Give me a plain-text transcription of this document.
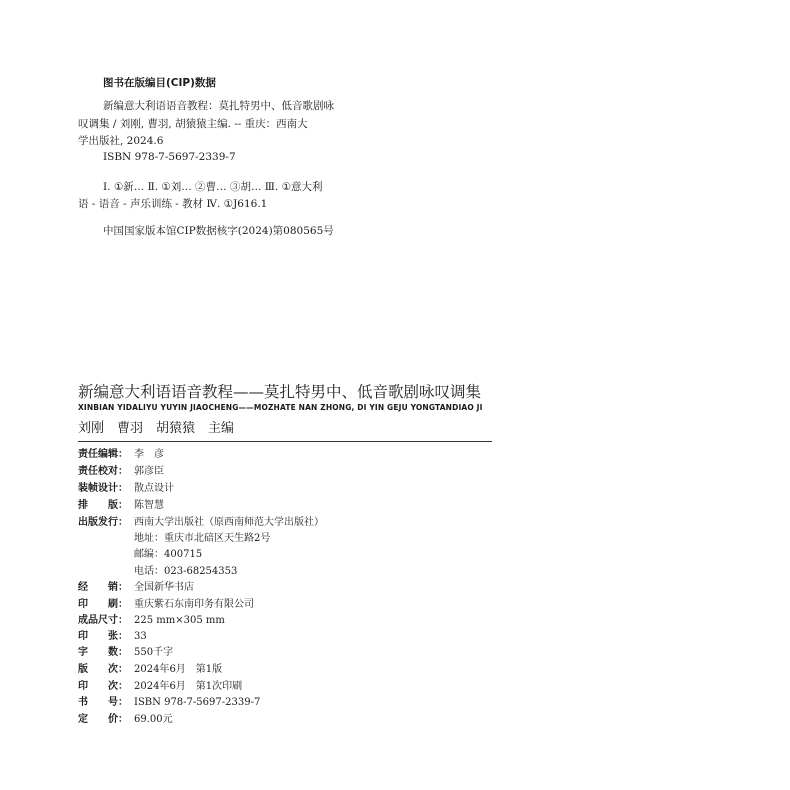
图书在版编目(CIP)数据
新编意大利语语音教程：莫扎特男中、低音歌剧咏
叹调集 / 刘刚, 曹羽, 胡猿猿主编. -- 重庆：西南大
学出版社, 2024.6
ISBN 978-7-5697-2339-7
Ⅰ. ①新… Ⅱ. ①刘… ②曹… ③胡… Ⅲ. ①意大利
语 - 语音 - 声乐训练 - 教材 Ⅳ. ①J616.1
中国国家版本馆CIP数据核字(2024)第080565号
新编意大利语语音教程——莫扎特男中、低音歌剧咏叹调集
XINBIAN YIDALIYU YUYIN JIAOCHENG——MOZHATE NAN ZHONG, DI YIN GEJU YONGTANDIAO JI
刘刚　曹羽　胡猿猿　主编
责任编辑： 李　彦
责任校对： 郭彦臣
装帧设计： 散点设计
排　　版： 陈智慧
出版发行： 西南大学出版社（原西南师范大学出版社）
地址：重庆市北碚区天生路2号
邮编：400715
电话：023-68254353
经　　销： 全国新华书店
印　　刷： 重庆紫石东南印务有限公司
成品尺寸： 225 mm×305 mm
印　　张： 33
字　　数： 550千字
版　　次： 2024年6月　第1版
印　　次： 2024年6月　第1次印刷
书　　号： ISBN 978-7-5697-2339-7
定　　价： 69.00元
